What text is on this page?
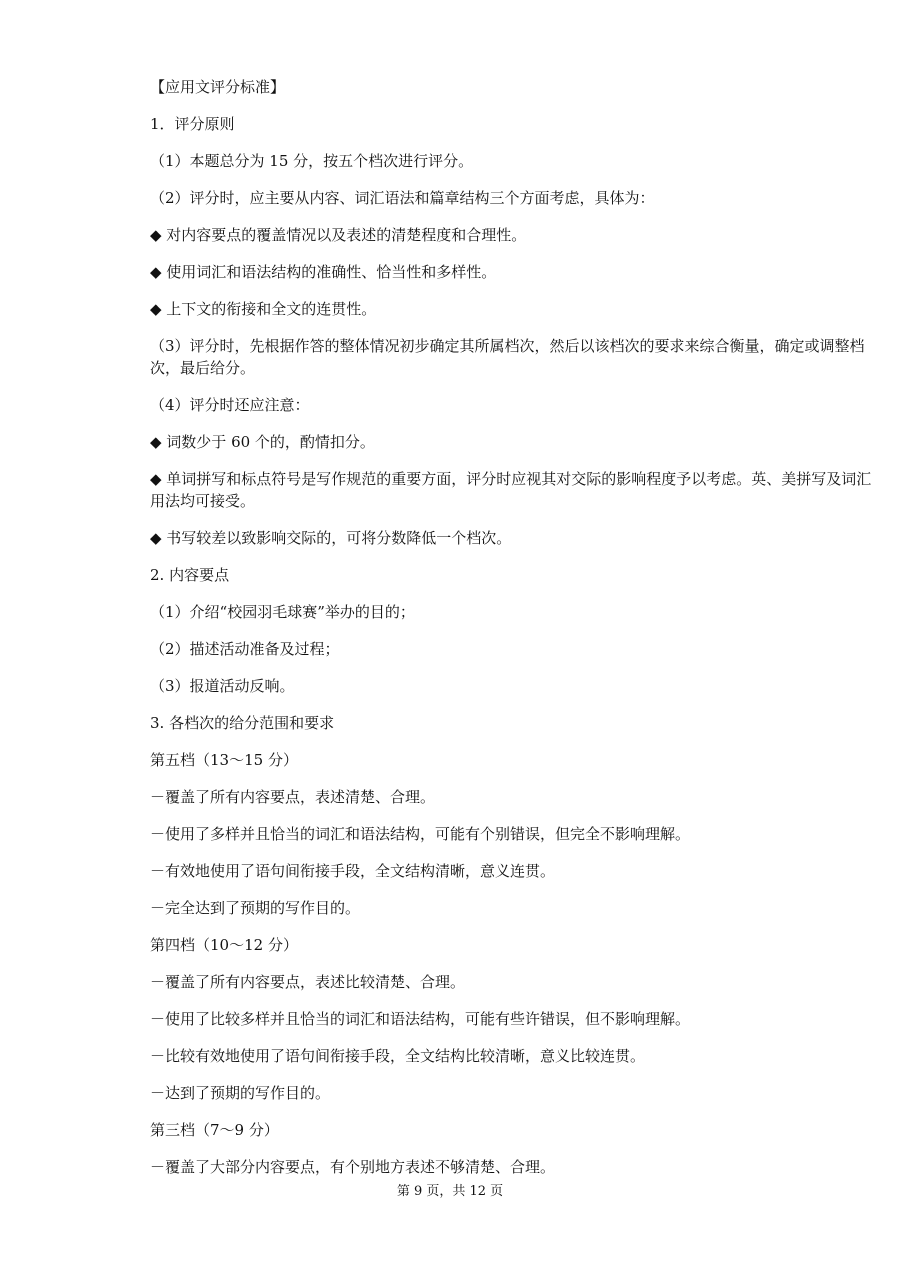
【应用文评分标准】
1．评分原则
（1）本题总分为 15 分，按五个档次进行评分。
（2）评分时，应主要从内容、词汇语法和篇章结构三个方面考虑，具体为：
◆ 对内容要点的覆盖情况以及表述的清楚程度和合理性。
◆ 使用词汇和语法结构的准确性、恰当性和多样性。
◆ 上下文的衔接和全文的连贯性。
（3）评分时，先根据作答的整体情况初步确定其所属档次，然后以该档次的要求来综合衡量，确定或调整档次，最后给分。
（4）评分时还应注意：
◆ 词数少于 60 个的，酌情扣分。
◆ 单词拼写和标点符号是写作规范的重要方面，评分时应视其对交际的影响程度予以考虑。英、美拼写及词汇用法均可接受。
◆ 书写较差以致影响交际的，可将分数降低一个档次。
2. 内容要点
（1）介绍“校园羽毛球赛”举办的目的；
（2）描述活动准备及过程；
（3）报道活动反响。
3. 各档次的给分范围和要求
第五档（13～15 分）
－覆盖了所有内容要点，表述清楚、合理。
－使用了多样并且恰当的词汇和语法结构，可能有个别错误，但完全不影响理解。
－有效地使用了语句间衔接手段，全文结构清晰，意义连贯。
－完全达到了预期的写作目的。
第四档（10～12 分）
－覆盖了所有内容要点，表述比较清楚、合理。
－使用了比较多样并且恰当的词汇和语法结构，可能有些许错误，但不影响理解。
－比较有效地使用了语句间衔接手段，全文结构比较清晰，意义比较连贯。
－达到了预期的写作目的。
第三档（7～9 分）
－覆盖了大部分内容要点，有个别地方表述不够清楚、合理。
第 9 页，共 12 页
